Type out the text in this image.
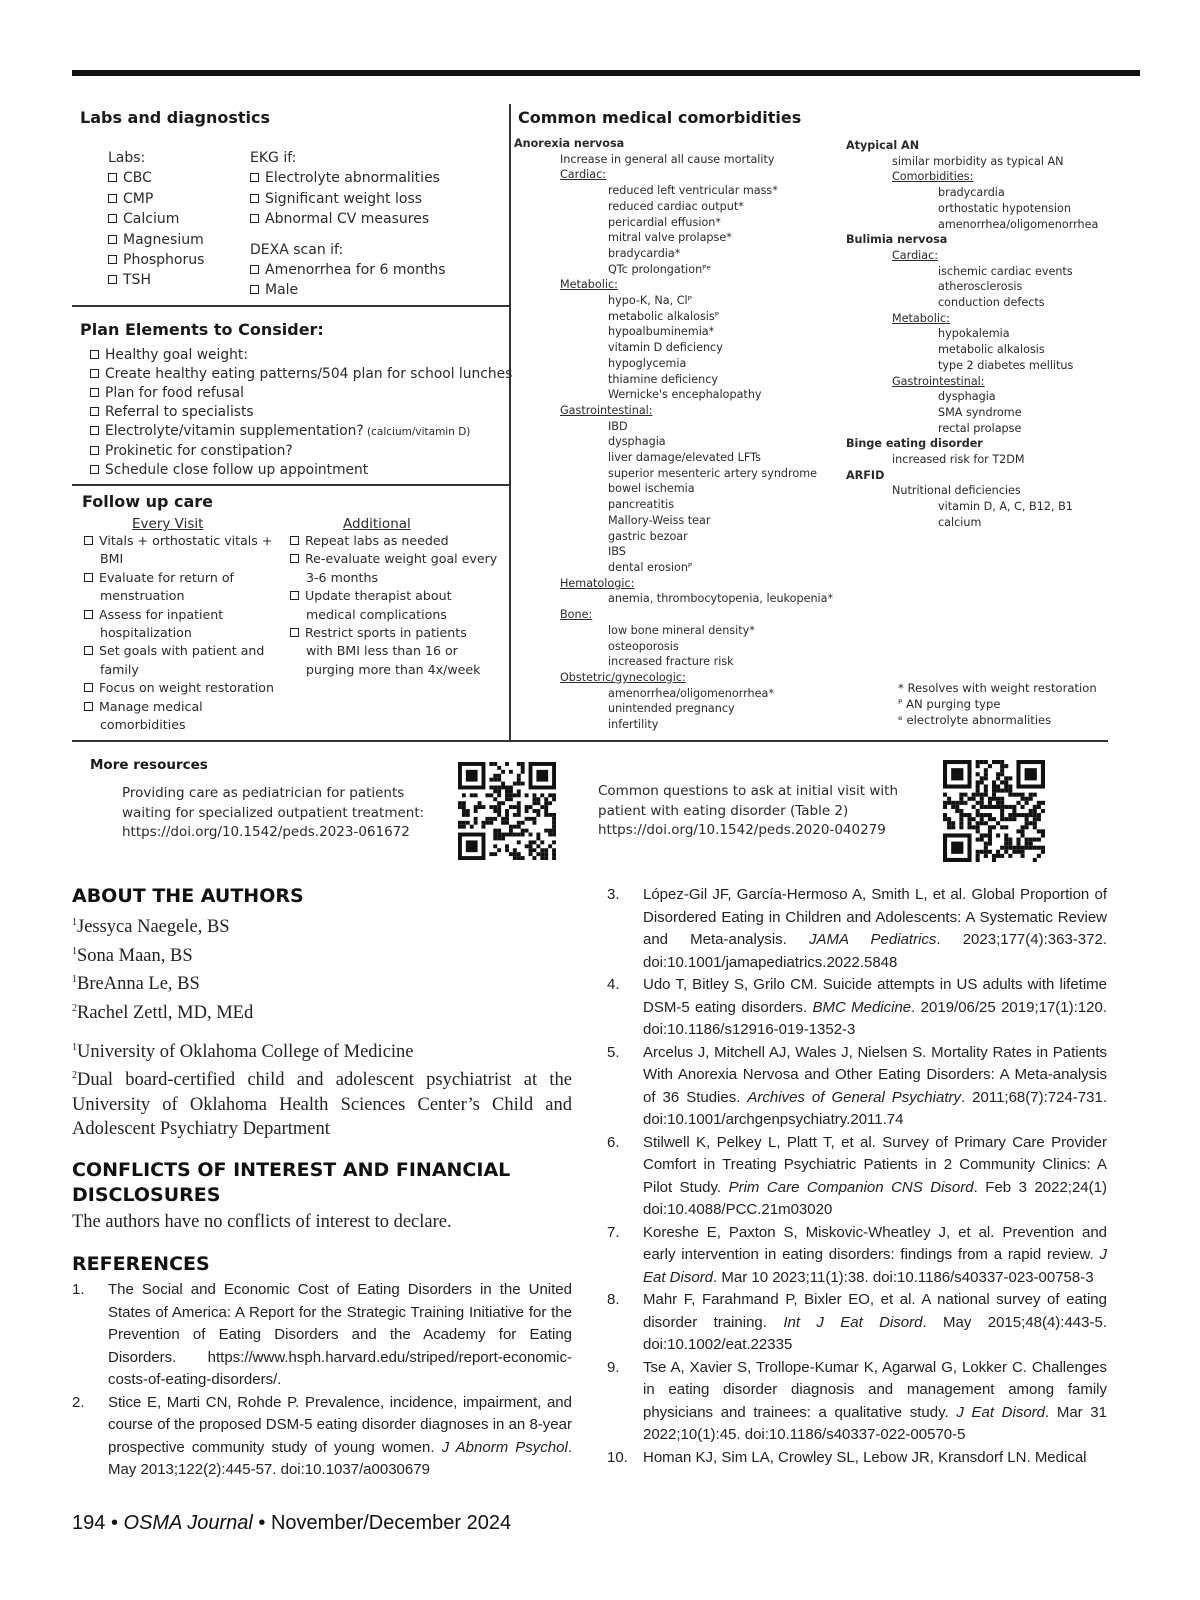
Labs and diagnostics
Labs:
CBC
CMP
Calcium
Magnesium
Phosphorus
TSH
EKG if:
Electrolyte abnormalities
Significant weight loss
Abnormal CV measures
DEXA scan if:
Amenorrhea for 6 months
Male
Plan Elements to Consider:
Healthy goal weight:
Create healthy eating patterns/504 plan for school lunches
Plan for food refusal
Referral to specialists
Electrolyte/vitamin supplementation? (calcium/vitamin D)
Prokinetic for constipation?
Schedule close follow up appointment
Follow up care
Every Visit	Additional
Vitals + orthostatic vitals +
BMI
Evaluate for return of
menstruation
Assess for inpatient
hospitalization
Set goals with patient and
family
Focus on weight restoration
Manage medical
comorbidities
Repeat labs as needed
Re-evaluate weight goal every
3-6 months
Update therapist about
medical complications
Restrict sports in patients
with BMI less than 16 or
purging more than 4x/week
Common medical comorbidities
Anorexia nervosa
Increase in general all cause mortality
Cardiac:
reduced left ventricular mass*
reduced cardiac output*
pericardial effusion*
mitral valve prolapse*
bradycardia*
QTc prolongationᴾᵉ
Metabolic:
hypo-K, Na, Clᴾ
metabolic alkalosisᴾ
hypoalbuminemia*
vitamin D deficiency
hypoglycemia
thiamine deficiency
Wernicke's encephalopathy
Gastrointestinal:
IBD
dysphagia
liver damage/elevated LFTs
superior mesenteric artery syndrome
bowel ischemia
pancreatitis
Mallory-Weiss tear
gastric bezoar
IBS
dental erosionᴾ
Hematologic:
anemia, thrombocytopenia, leukopenia*
Bone:
low bone mineral density*
osteoporosis
increased fracture risk
Obstetric/gynecologic:
amenorrhea/oligomenorrhea*
unintended pregnancy
infertility
Atypical AN
similar morbidity as typical AN
Comorbidities:
bradycardia
orthostatic hypotension
amenorrhea/oligomenorrhea
Bulimia nervosa
Cardiac:
ischemic cardiac events
atherosclerosis
conduction defects
Metabolic:
hypokalemia
metabolic alkalosis
type 2 diabetes mellitus
Gastrointestinal:
dysphagia
SMA syndrome
rectal prolapse
Binge eating disorder
increased risk for T2DM
ARFID
Nutritional deficiencies
vitamin D, A, C, B12, B1
calcium
* Resolves with weight restoration
ᴾ AN purging type
ᵉ electrolyte abnormalities
More resources
Providing care as pediatrician for patients
waiting for specialized outpatient treatment:
https://doi.org/10.1542/peds.2023-061672
Common questions to ask at initial visit with
patient with eating disorder (Table 2)
https://doi.org/10.1542/peds.2020-040279
ABOUT THE AUTHORS
$^1$Jessyca Naegele, BS
$^1$Sona Maan, BS
$^1$BreAnna Le, BS
$^2$Rachel Zettl, MD, MEd
$^1$University of Oklahoma College of Medicine
$^2$Dual board-certified child and adolescent psychiatrist at the University of Oklahoma Health Sciences Center’s Child and Adolescent Psychiatry Department
CONFLICTS OF INTEREST AND FINANCIAL
DISCLOSURES
The authors have no conflicts of interest to declare.
REFERENCES
1. The Social and Economic Cost of Eating Disorders in the United States of America: A Report for the Strategic Training Initiative for the Prevention of Eating Disorders and the Academy for Eating Disorders. https://www.hsph.harvard.edu/striped/report-economic-costs-of-eating-disorders/.
2. Stice E, Marti CN, Rohde P. Prevalence, incidence, impairment, and course of the proposed DSM-5 eating disorder diagnoses in an 8-year prospective community study of young women. J Abnorm Psychol. May 2013;122(2):445-57. doi:10.1037/a0030679
3. López-Gil JF, García-Hermoso A, Smith L, et al. Global Proportion of Disordered Eating in Children and Adolescents: A Systematic Review and Meta-analysis. JAMA Pediatrics. 2023;177(4):363-372. doi:10.1001/jamapediatrics.2022.5848
4. Udo T, Bitley S, Grilo CM. Suicide attempts in US adults with lifetime DSM-5 eating disorders. BMC Medicine. 2019/06/25 2019;17(1):120. doi:10.1186/s12916-019-1352-3
5. Arcelus J, Mitchell AJ, Wales J, Nielsen S. Mortality Rates in Patients With Anorexia Nervosa and Other Eating Disorders: A Meta-analysis of 36 Studies. Archives of General Psychiatry. 2011;68(7):724-731. doi:10.1001/archgenpsychiatry.2011.74
6. Stilwell K, Pelkey L, Platt T, et al. Survey of Primary Care Provider Comfort in Treating Psychiatric Patients in 2 Community Clinics: A Pilot Study. Prim Care Companion CNS Disord. Feb 3 2022;24(1) doi:10.4088/PCC.21m03020
7. Koreshe E, Paxton S, Miskovic-Wheatley J, et al. Prevention and early intervention in eating disorders: findings from a rapid review. J Eat Disord. Mar 10 2023;11(1):38. doi:10.1186/s40337-023-00758-3
8. Mahr F, Farahmand P, Bixler EO, et al. A national survey of eating disorder training. Int J Eat Disord. May 2015;48(4):443-5. doi:10.1002/eat.22335
9. Tse A, Xavier S, Trollope-Kumar K, Agarwal G, Lokker C. Challenges in eating disorder diagnosis and management among family physicians and trainees: a qualitative study. J Eat Disord. Mar 31 2022;10(1):45. doi:10.1186/s40337-022-00570-5
10. Homan KJ, Sim LA, Crowley SL, Lebow JR, Kransdorf LN. Medical
194 • OSMA Journal • November/December 2024
